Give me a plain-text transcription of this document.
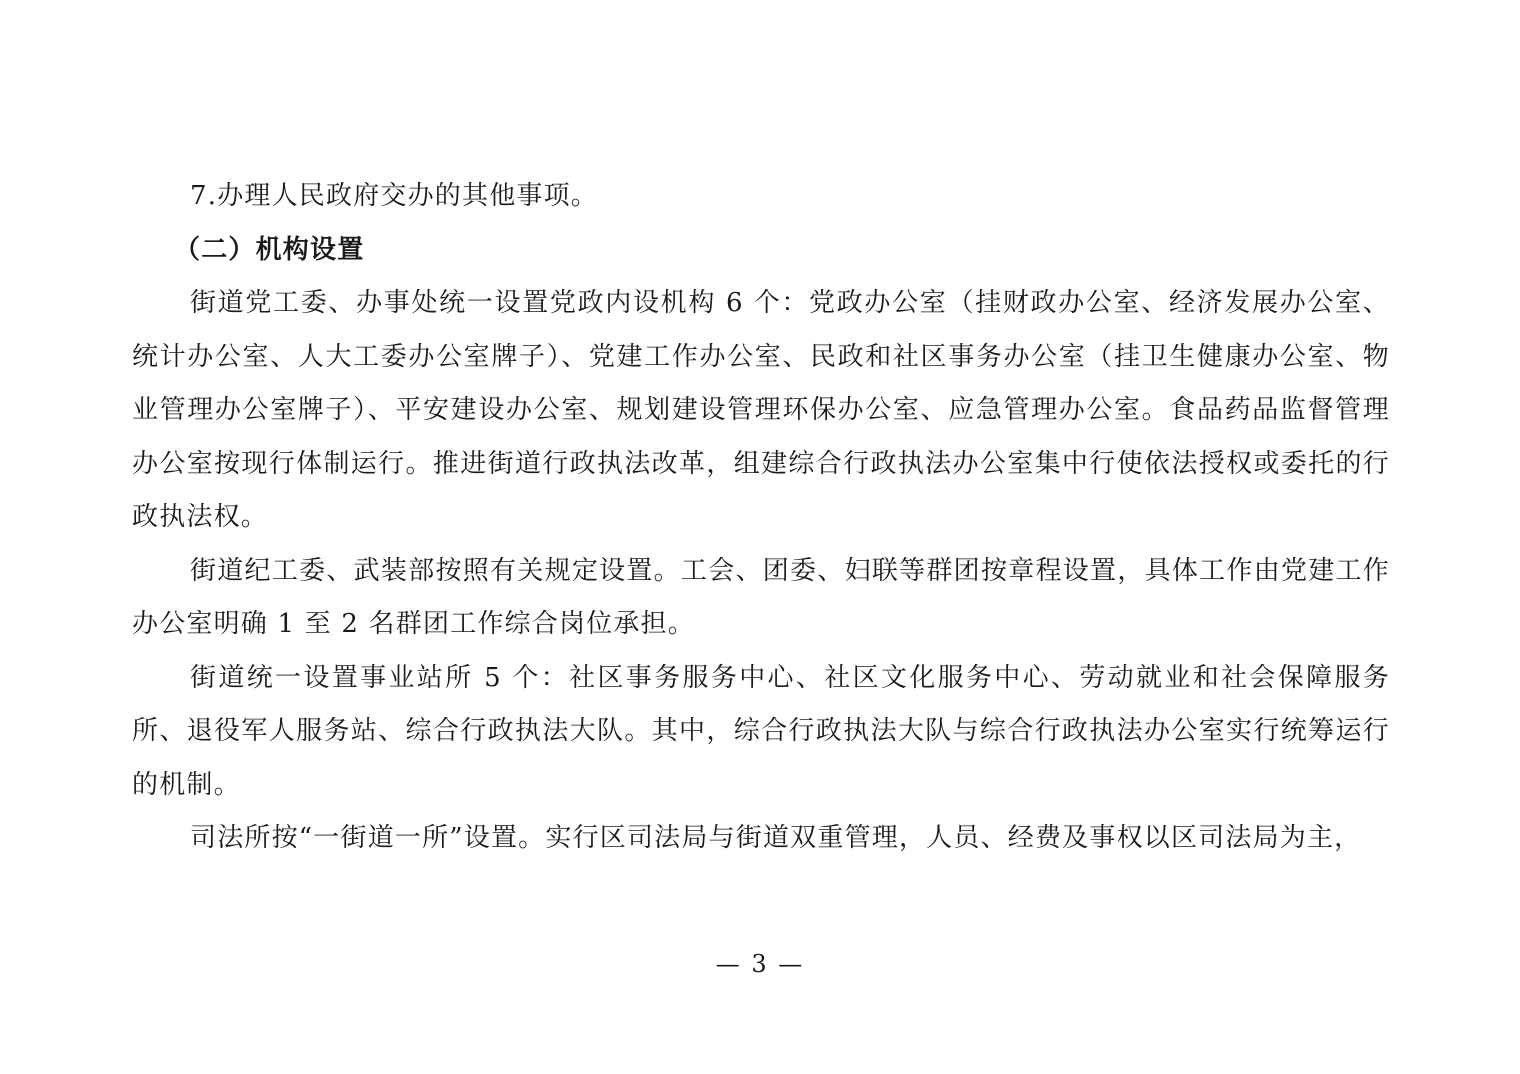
7.办理人民政府交办的其他事项。

（二）机构设置

街道党工委、办事处统一设置党政内设机构 6 个：党政办公室（挂财政办公室、经济发展办公室、统计办公室、人大工委办公室牌子）、党建工作办公室、民政和社区事务办公室（挂卫生健康办公室、物业管理办公室牌子）、平安建设办公室、规划建设管理环保办公室、应急管理办公室。食品药品监督管理办公室按现行体制运行。推进街道行政执法改革，组建综合行政执法办公室集中行使依法授权或委托的行政执法权。

街道纪工委、武装部按照有关规定设置。工会、团委、妇联等群团按章程设置，具体工作由党建工作办公室明确 1 至 2 名群团工作综合岗位承担。

街道统一设置事业站所 5 个：社区事务服务中心、社区文化服务中心、劳动就业和社会保障服务所、退役军人服务站、综合行政执法大队。其中，综合行政执法大队与综合行政执法办公室实行统筹运行的机制。

司法所按“一街道一所”设置。实行区司法局与街道双重管理，人员、经费及事权以区司法局为主，

— 3 —
